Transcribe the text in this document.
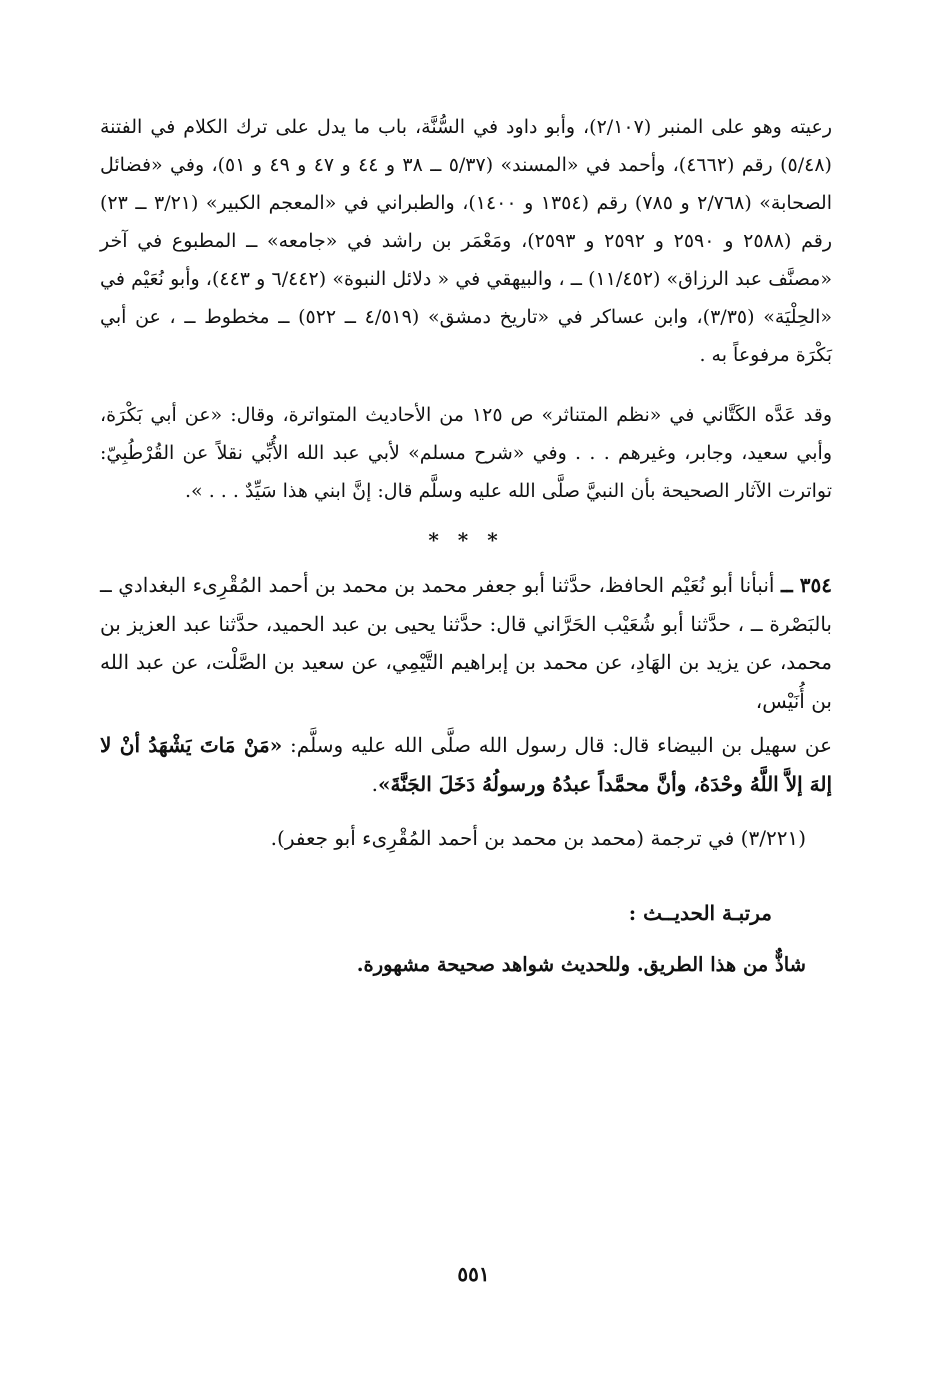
رعيته وهو على المنبر (٢/١٠٧)، وأبو داود في السُّنَّة، باب ما يدل على ترك الكلام في الفتنة (٥/٤٨) رقم (٤٦٦٢)، وأحمد في «المسند» (٥/٣٧ ــ ٣٨ و ٤٤ و ٤٧ و ٤٩ و ٥١)، وفي «فضائل الصحابة» (٢/٧٦٨ و ٧٨٥) رقم (١٣٥٤ و ١٤٠٠)، والطبراني في «المعجم الكبير» (٣/٢١ ــ ٢٣) رقم (٢٥٨٨ و ٢٥٩٠ و ٢٥٩٢ و ٢٥٩٣)، ومَعْمَر بن راشد في «جامعه» ــ المطبوع في آخر «مصنَّف عبد الرزاق» (١١/٤٥٢) ــ ، والبيهقي في « دلائل النبوة» (٦/٤٤٢ و ٤٤٣)، وأبو نُعَيْم في «الحِلْيَة» (٣/٣٥)، وابن عساكر في «تاريخ دمشق» (٤/٥١٩ ــ ٥٢٢) ــ مخطوط ــ ، عن أبي بَكْرَة مرفوعاً به .

وقد عَدَّه الكَتَّاني في «نظم المتناثر» ص ١٢٥ من الأحاديث المتواترة، وقال: «عن أبي بَكْرَة، وأبي سعيد، وجابر، وغيرهم . . . وفي «شرح مسلم» لأبي عبد الله الأُبِّي نقلاً عن القُرْطُبِيّ: تواترت الآثار الصحيحة بأن النبيَّ صلَّى الله عليه وسلَّم قال: إنَّ ابني هذا سَيِّدٌ . . . ».

* * *

٣٥٤ ــ أنبأنا أبو نُعَيْم الحافظ، حدَّثنا أبو جعفر محمد بن محمد بن أحمد المُقْرِىء البغدادي ــ بالبَصْرة ــ ، حدَّثنا أبو شُعَيْب الحَرَّاني قال: حدَّثنا يحيى بن عبد الحميد، حدَّثنا عبد العزيز بن محمد، عن يزيد بن الهَادِ، عن محمد بن إبراهيم التَّيْمِي، عن سعيد بن الصَّلْت، عن عبد الله بن أُنَيْس،

عن سهيل بن البيضاء قال: قال رسول الله صلَّى الله عليه وسلَّم: «مَنْ مَاتَ يَشْهَدُ أنْ لا إلهَ إلاَّ اللَّهُ وحْدَهُ، وأنَّ محمَّداً عبدُهُ ورسولُهُ دَخَلَ الجَنَّةَ».

(٣/٢٢١) في ترجمة (محمد بن محمد بن أحمد المُقْرِىء أبو جعفر).

مرتبـة الحديــث :
شاذٌّ من هذا الطريق. وللحديث شواهد صحيحة مشهورة.
٥٥١
